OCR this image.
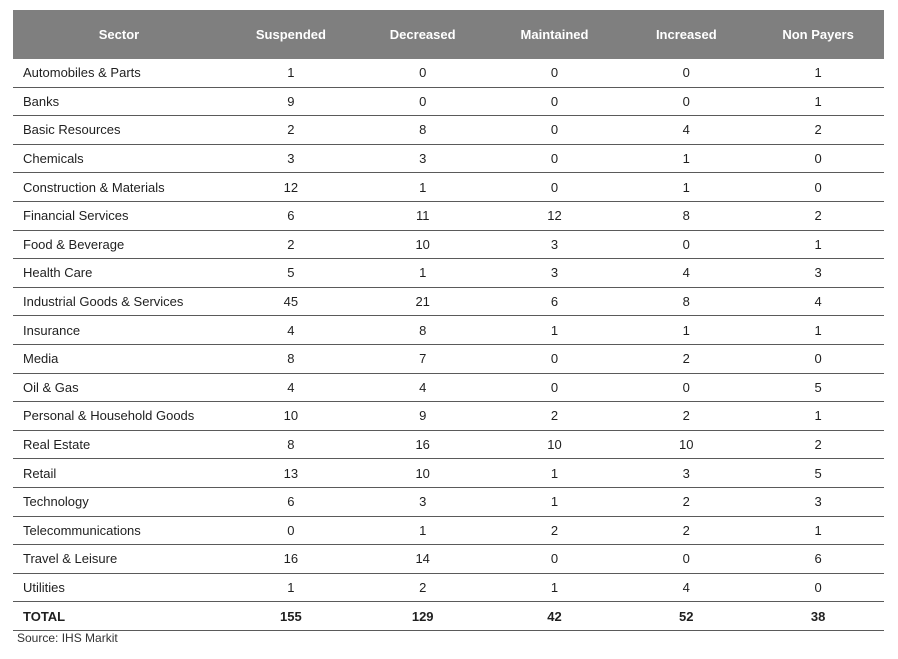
Sector	Suspended	Decreased	Maintained	Increased	Non Payers
Automobiles & Parts	1	0	0	0	1
Banks	9	0	0	0	1
Basic Resources	2	8	0	4	2
Chemicals	3	3	0	1	0
Construction & Materials	12	1	0	1	0
Financial Services	6	11	12	8	2
Food & Beverage	2	10	3	0	1
Health Care	5	1	3	4	3
Industrial Goods & Services	45	21	6	8	4
Insurance	4	8	1	1	1
Media	8	7	0	2	0
Oil & Gas	4	4	0	0	5
Personal & Household Goods	10	9	2	2	1
Real Estate	8	16	10	10	2
Retail	13	10	1	3	5
Technology	6	3	1	2	3
Telecommunications	0	1	2	2	1
Travel & Leisure	16	14	0	0	6
Utilities	1	2	1	4	0
TOTAL	155	129	42	52	38
Source: IHS Markit
